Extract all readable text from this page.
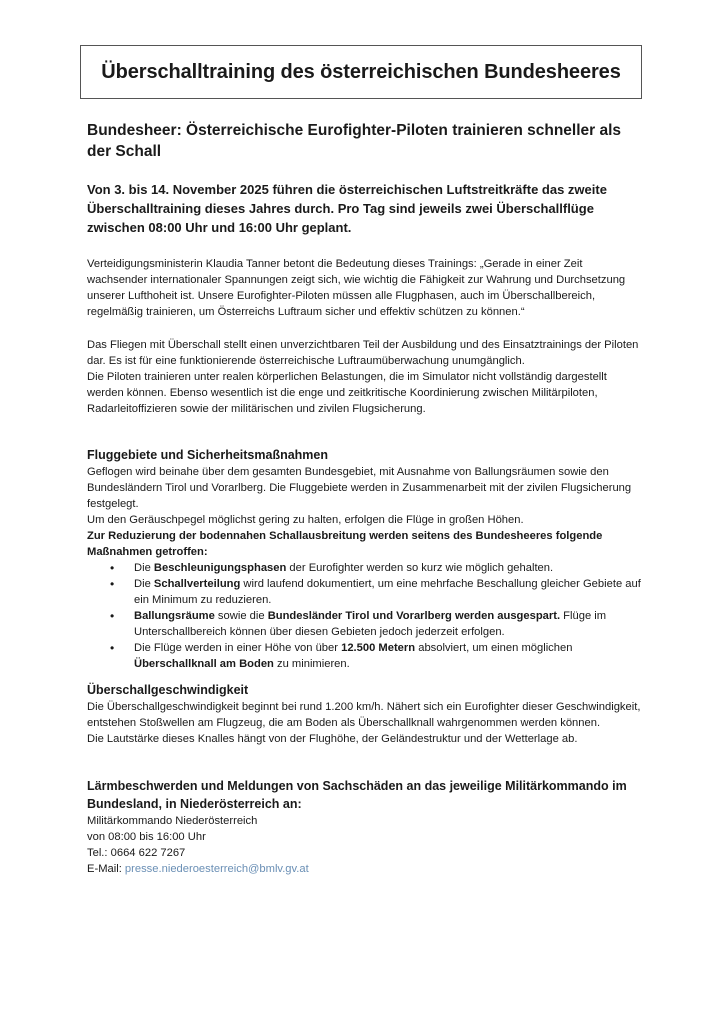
Überschalltraining des österreichischen Bundesheeres
Bundesheer: Österreichische Eurofighter-Piloten trainieren schneller als der Schall
Von 3. bis 14. November 2025 führen die österreichischen Luftstreitkräfte das zweite Überschalltraining dieses Jahres durch. Pro Tag sind jeweils zwei Überschallflüge zwischen 08:00 Uhr und 16:00 Uhr geplant.

Verteidigungsministerin Klaudia Tanner betont die Bedeutung dieses Trainings: „Gerade in einer Zeit wachsender internationaler Spannungen zeigt sich, wie wichtig die Fähigkeit zur Wahrung und Durchsetzung unserer Lufthoheit ist. Unsere Eurofighter-Piloten müssen alle Flugphasen, auch im Überschallbereich, regelmäßig trainieren, um Österreichs Luftraum sicher und effektiv schützen zu können.“

Das Fliegen mit Überschall stellt einen unverzichtbaren Teil der Ausbildung und des Einsatztrainings der Piloten dar. Es ist für eine funktionierende österreichische Luftraumüberwachung unumgänglich.

Die Piloten trainieren unter realen körperlichen Belastungen, die im Simulator nicht vollständig dargestellt werden können. Ebenso wesentlich ist die enge und zeitkritische Koordinierung zwischen Militärpiloten, Radarleitoffizieren sowie der militärischen und zivilen Flugsicherung.

Fluggebiete und Sicherheitsmaßnahmen

Geflogen wird beinahe über dem gesamten Bundesgebiet, mit Ausnahme von Ballungsräumen sowie den Bundesländern Tirol und Vorarlberg. Die Fluggebiete werden in Zusammenarbeit mit der zivilen Flugsicherung festgelegt.

Um den Geräuschpegel möglichst gering zu halten, erfolgen die Flüge in großen Höhen.

Zur Reduzierung der bodennahen Schallausbreitung werden seitens des Bundesheeres folgende Maßnahmen getroffen:

• Die Beschleunigungsphasen der Eurofighter werden so kurz wie möglich gehalten.
• Die Schallverteilung wird laufend dokumentiert, um eine mehrfache Beschallung gleicher Gebiete auf ein Minimum zu reduzieren.
• Ballungsräume sowie die Bundesländer Tirol und Vorarlberg werden ausgespart. Flüge im Unterschallbereich können über diesen Gebieten jedoch jederzeit erfolgen.
• Die Flüge werden in einer Höhe von über 12.500 Metern absolviert, um einen möglichen Überschallknall am Boden zu minimieren.
Überschallgeschwindigkeit

Die Überschallgeschwindigkeit beginnt bei rund 1.200 km/h. Nähert sich ein Eurofighter dieser Geschwindigkeit, entstehen Stoßwellen am Flugzeug, die am Boden als Überschallknall wahrgenommen werden können.

Die Lautstärke dieses Knalles hängt von der Flughöhe, der Geländestruktur und der Wetterlage ab.

Lärmbeschwerden und Meldungen von Sachschäden an das jeweilige Militärkommando im Bundesland, in Niederösterreich an:

Militärkommando Niederösterreich

von 08:00 bis 16:00 Uhr

Tel.: 0664 622 7267

E-Mail: presse.niederoesterreich@bmlv.gv.at
